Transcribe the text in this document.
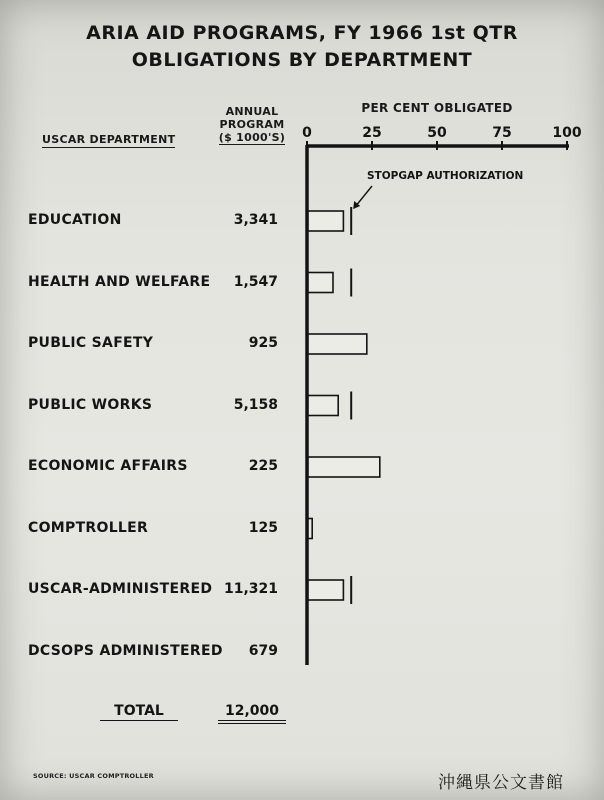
ARIA AID PROGRAMS, FY 1966 1st QTR
OBLIGATIONS BY DEPARTMENT
USCAR DEPARTMENT
ANNUAL
PROGRAM
($ 1000'S)
PER CENT OBLIGATED
EDUCATION	3,341
HEALTH AND WELFARE	1,547
PUBLIC SAFETY	925
PUBLIC WORKS	5,158
ECONOMIC AFFAIRS	225
COMPTROLLER	125
USCAR-ADMINISTERED 11,321
DCSOPS ADMINISTERED	679
0	25	50	75	100
STOPGAP AUTHORIZATION
TOTAL	12,000
SOURCE: USCAR COMPTROLLER	沖縄県公文書館
